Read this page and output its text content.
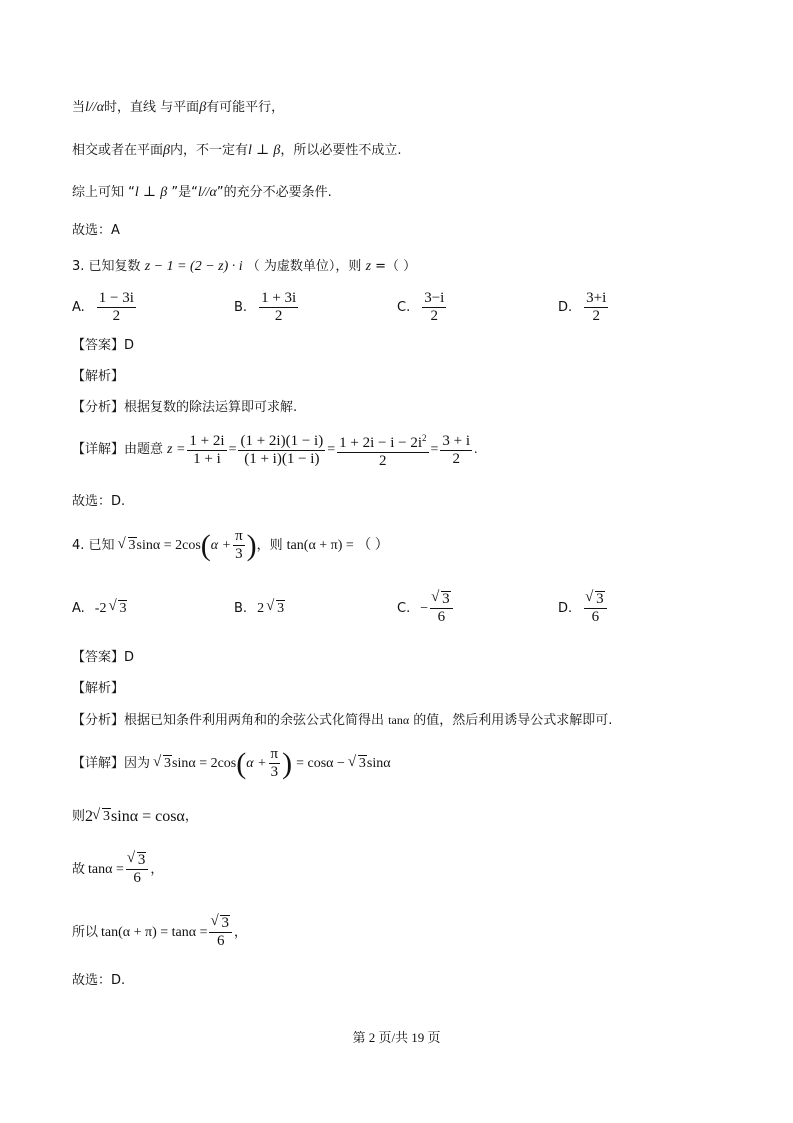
当l//α时，直线 与平面β有可能平行，
相交或者在平面β内，不一定有l ⊥ β，所以必要性不成立.
综上可知 “l ⊥ β ”是“l//α”的充分不必要条件.
故选：A
3. 已知复数 z − 1 = (2 − z) · i （ 为虚数单位），则 z =（ ）
A. $\frac{1 - 3i}{2}$	B. $\frac{1 + 3i}{2}$	C. $\frac{3-i}{2}$	D. $\frac{3+i}{2}$
【答案】D
【解析】
【分析】根据复数的除法运算即可求解.
【详解】由题意 $z = \frac{1 + 2i}{1 + i} = \frac{(1 + 2i)(1 - i)}{(1 + i)(1 - i)} = \frac{1 + 2i - i - 2i^2}{2} = \frac{3 + i}{2}$ .
故选：D.
4. 已知	√ 3 sinα = 2cos ( $\alpha + \frac{\pi}{3}$ ) ，则 tan(α + π) = （ ）
A. -2 √ 3	B. 2 √ 3	C. − √ $\frac{3}{6}$	D. √ $\frac{3}{6}$
【答案】D
【解析】
【分析】根据已知条件利用两角和的余弦公式化简得出 tanα 的值，然后利用诱导公式求解即可.
【详解】因为	√ 3 sinα = 2cos ( $\alpha + \frac{\pi}{3}$ ) = cosα −	√ 3 sinα
则 2 √ 3 sinα = cosα ，
故 tanα = √ $\frac{3}{6}$ ，
所以 tan(α + π) = tanα = √ $\frac{3}{6}$ ，
故选：D.
第 2 页/共 19 页
